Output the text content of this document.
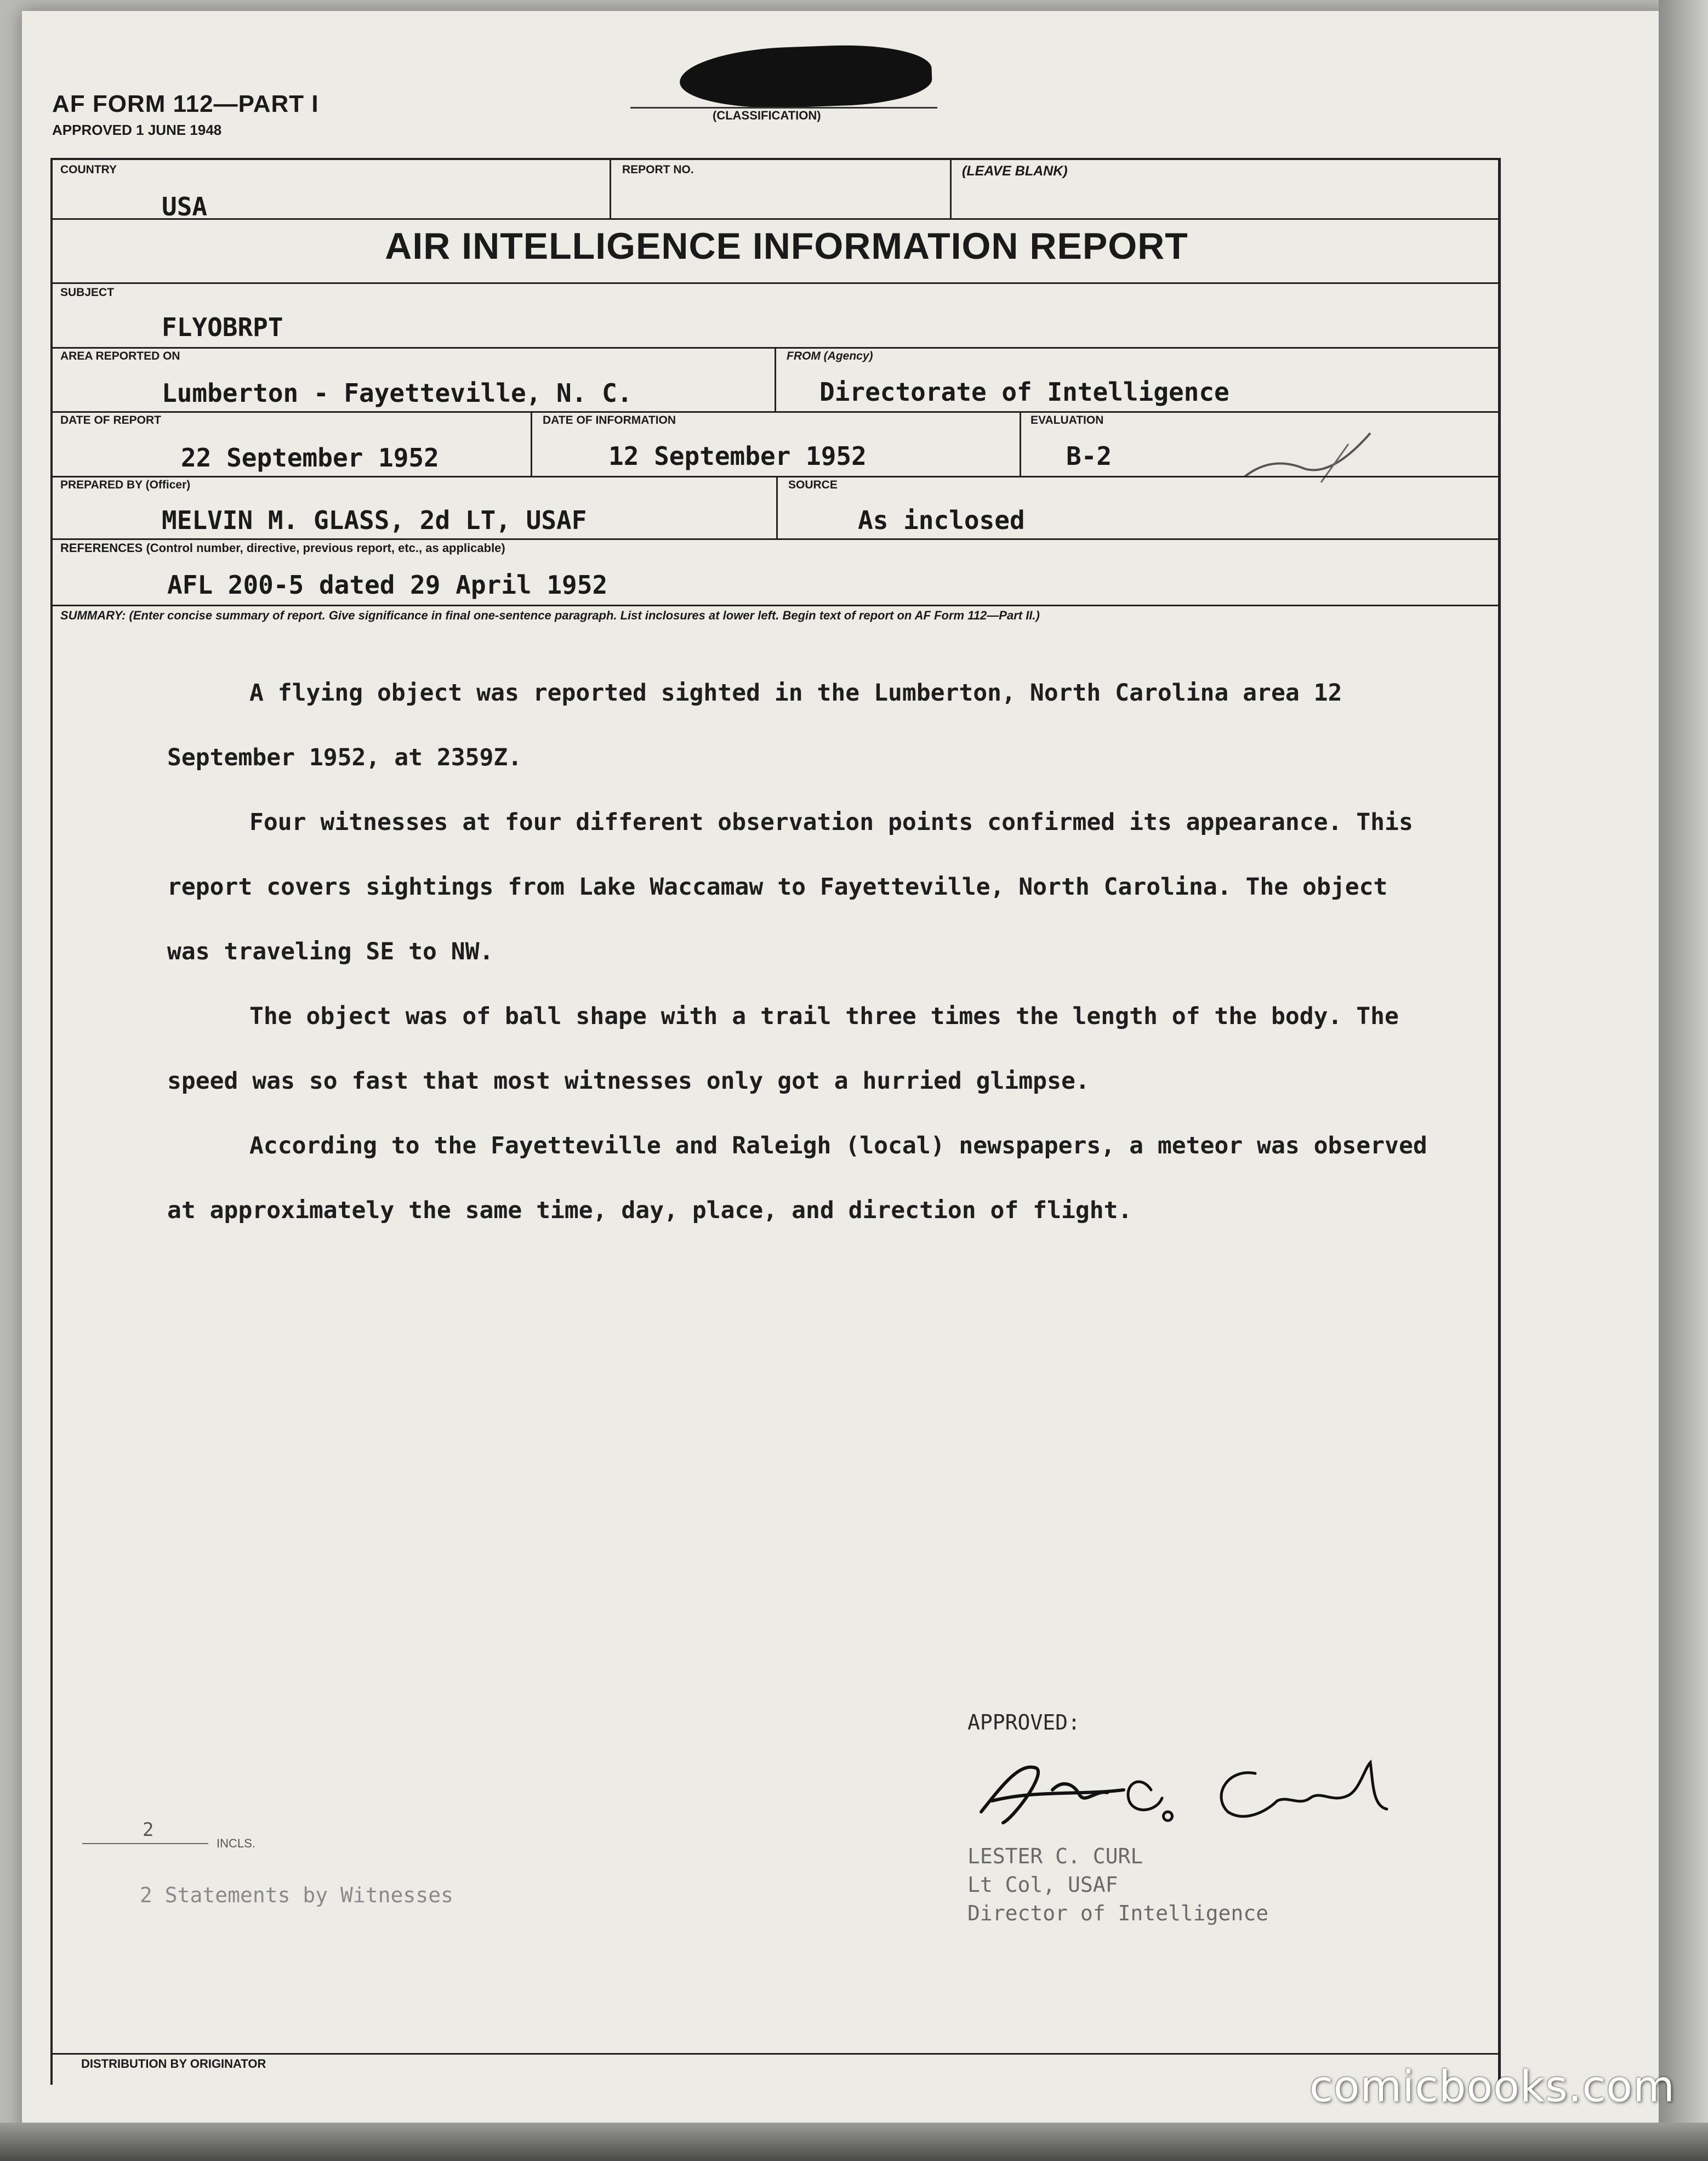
AF FORM 112—PART I
APPROVED 1 JUNE 1948
(CLASSIFICATION)
COUNTRY
USA
REPORT NO.	(LEAVE BLANK)
AIR INTELLIGENCE INFORMATION REPORT
SUBJECT
FLYOBRPT
AREA REPORTED ON
Lumberton - Fayetteville, N. C.
FROM (Agency)
Directorate of Intelligence
DATE OF REPORT
22 September 1952
DATE OF INFORMATION
12 September 1952
EVALUATION
B-2
PREPARED BY (Officer)
MELVIN M. GLASS, 2d LT, USAF
SOURCE
As inclosed
REFERENCES (Control number, directive, previous report, etc., as applicable)
AFL 200-5 dated 29 April 1952
SUMMARY: (Enter concise summary of report. Give significance in final one-sentence paragraph. List inclosures at lower left. Begin text of report on AF Form 112—Part II.)

A flying object was reported sighted in the Lumberton, North Carolina area 12 September 1952, at 2359Z.

Four witnesses at four different observation points confirmed its appearance. This report covers sightings from Lake Waccamaw to Fayetteville, North Carolina. The object was traveling SE to NW.

The object was of ball shape with a trail three times the length of the body. The speed was so fast that most witnesses only got a hurried glimpse.

According to the Fayetteville and Raleigh (local) newspapers, a meteor was observed at approximately the same time, day, place, and direction of flight.

APPROVED:
LESTER C. CURL
Lt Col, USAF
Director of Intelligence
2
INCLS.
2 Statements by Witnesses
DISTRIBUTION BY ORIGINATOR	comicbooks.com
